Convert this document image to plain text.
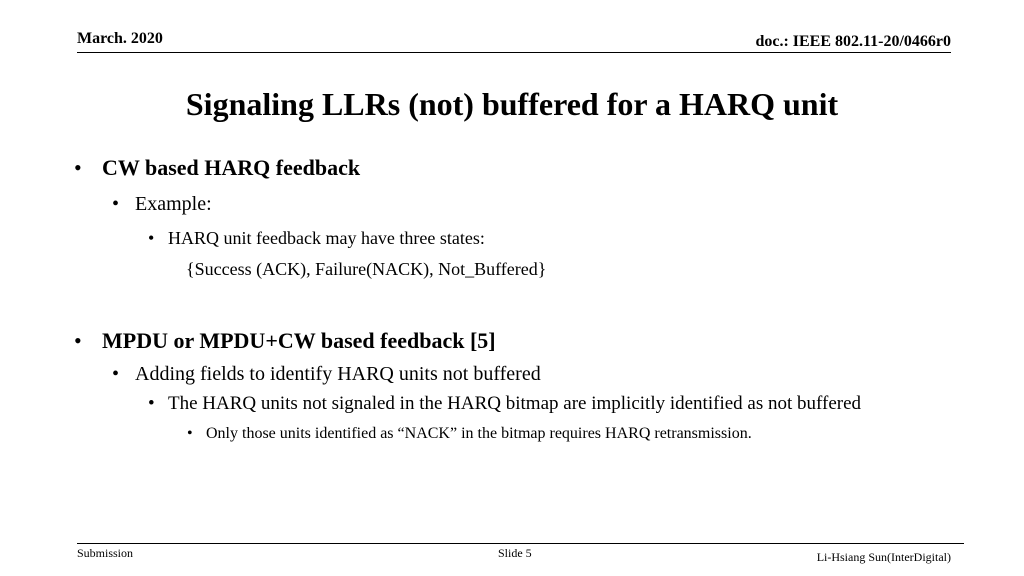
March. 2020	doc.: IEEE 802.11-20/0466r0
Signaling LLRs (not) buffered for a HARQ unit
• CW based HARQ feedback
• Example:
• HARQ unit feedback may have three states:
{Success (ACK), Failure(NACK), Not_Buffered}
• MPDU or MPDU+CW based feedback [5]
• Adding fields to identify HARQ units not buffered
• The HARQ units not signaled in the HARQ bitmap are implicitly identified as not buffered
• Only those units identified as “NACK” in the bitmap requires HARQ retransmission.
Submission	Slide 5	Li-Hsiang Sun(InterDigital)
